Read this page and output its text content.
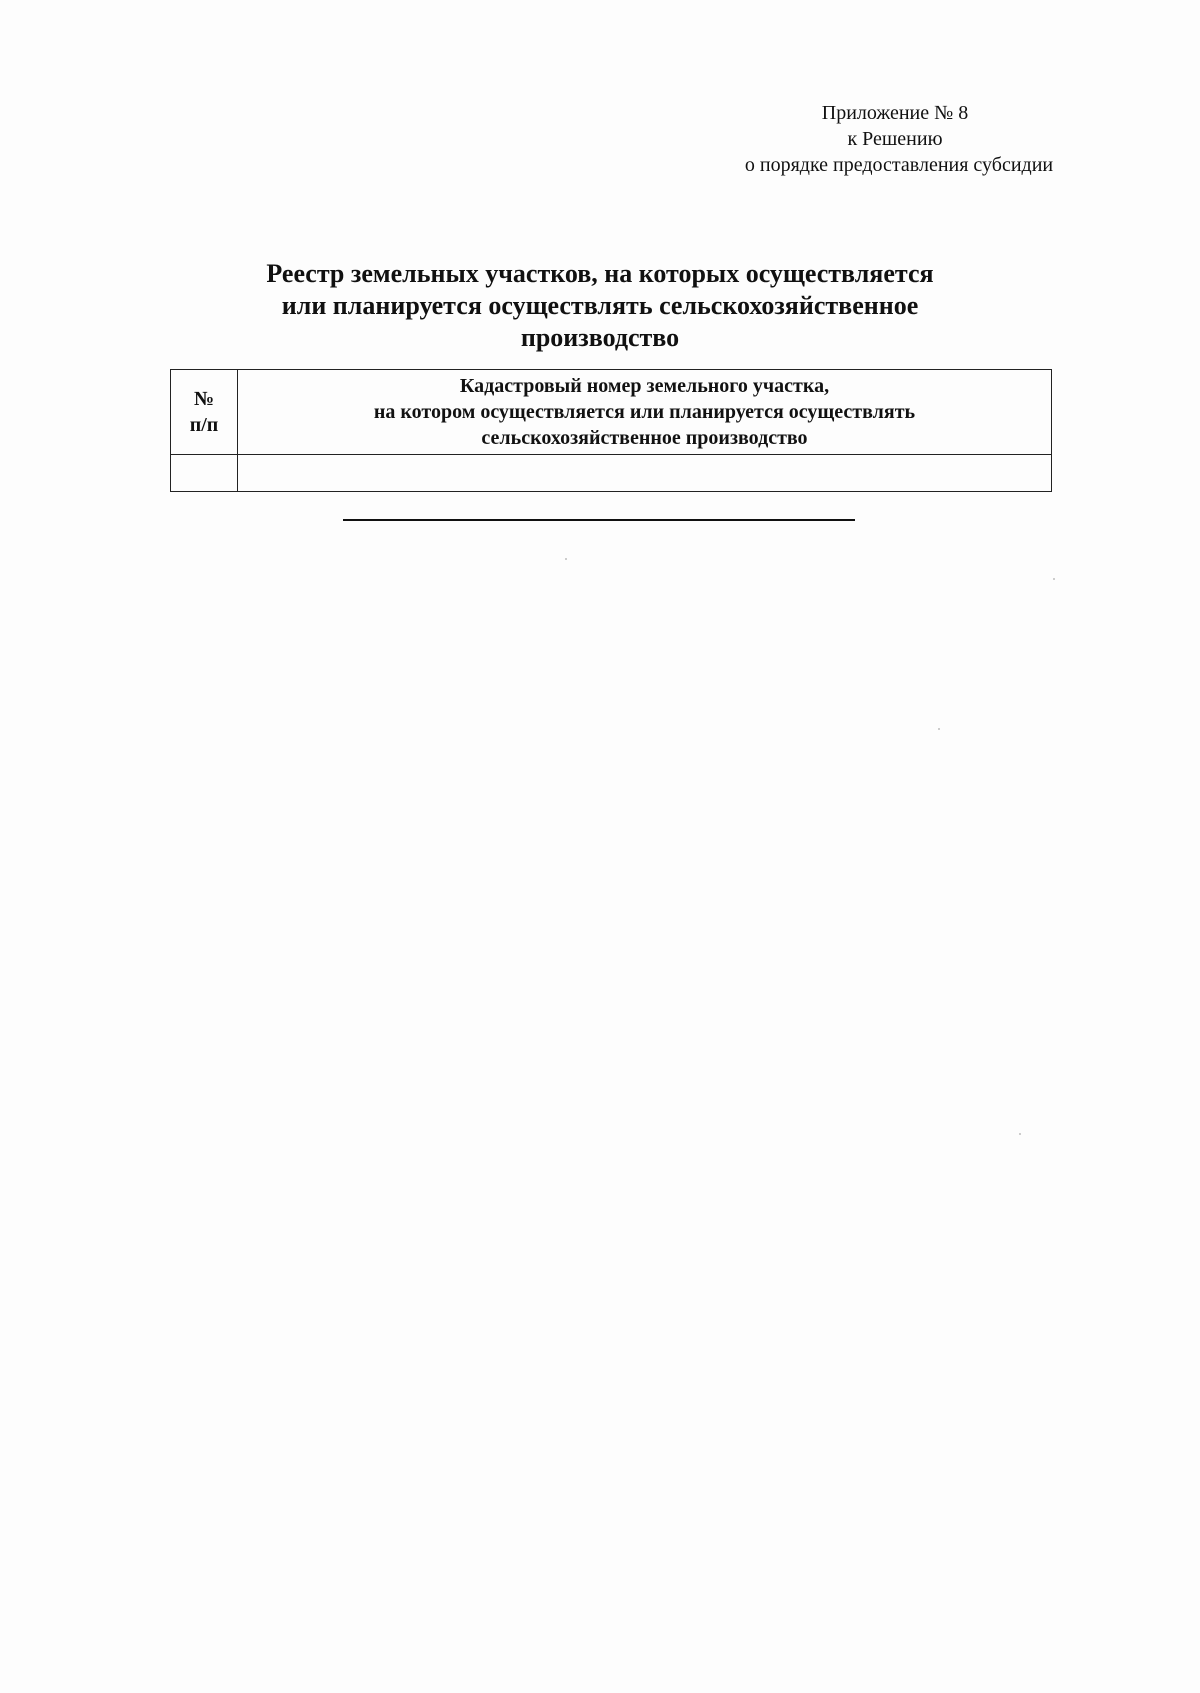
Приложение № 8
к Решению
о порядке предоставления субсидии
Реестр земельных участков, на которых осуществляется
или планируется осуществлять сельскохозяйственное
производство
№
п/п	Кадастровый номер земельного участка,
на котором осуществляется или планируется осуществлять
сельскохозяйственное производство
